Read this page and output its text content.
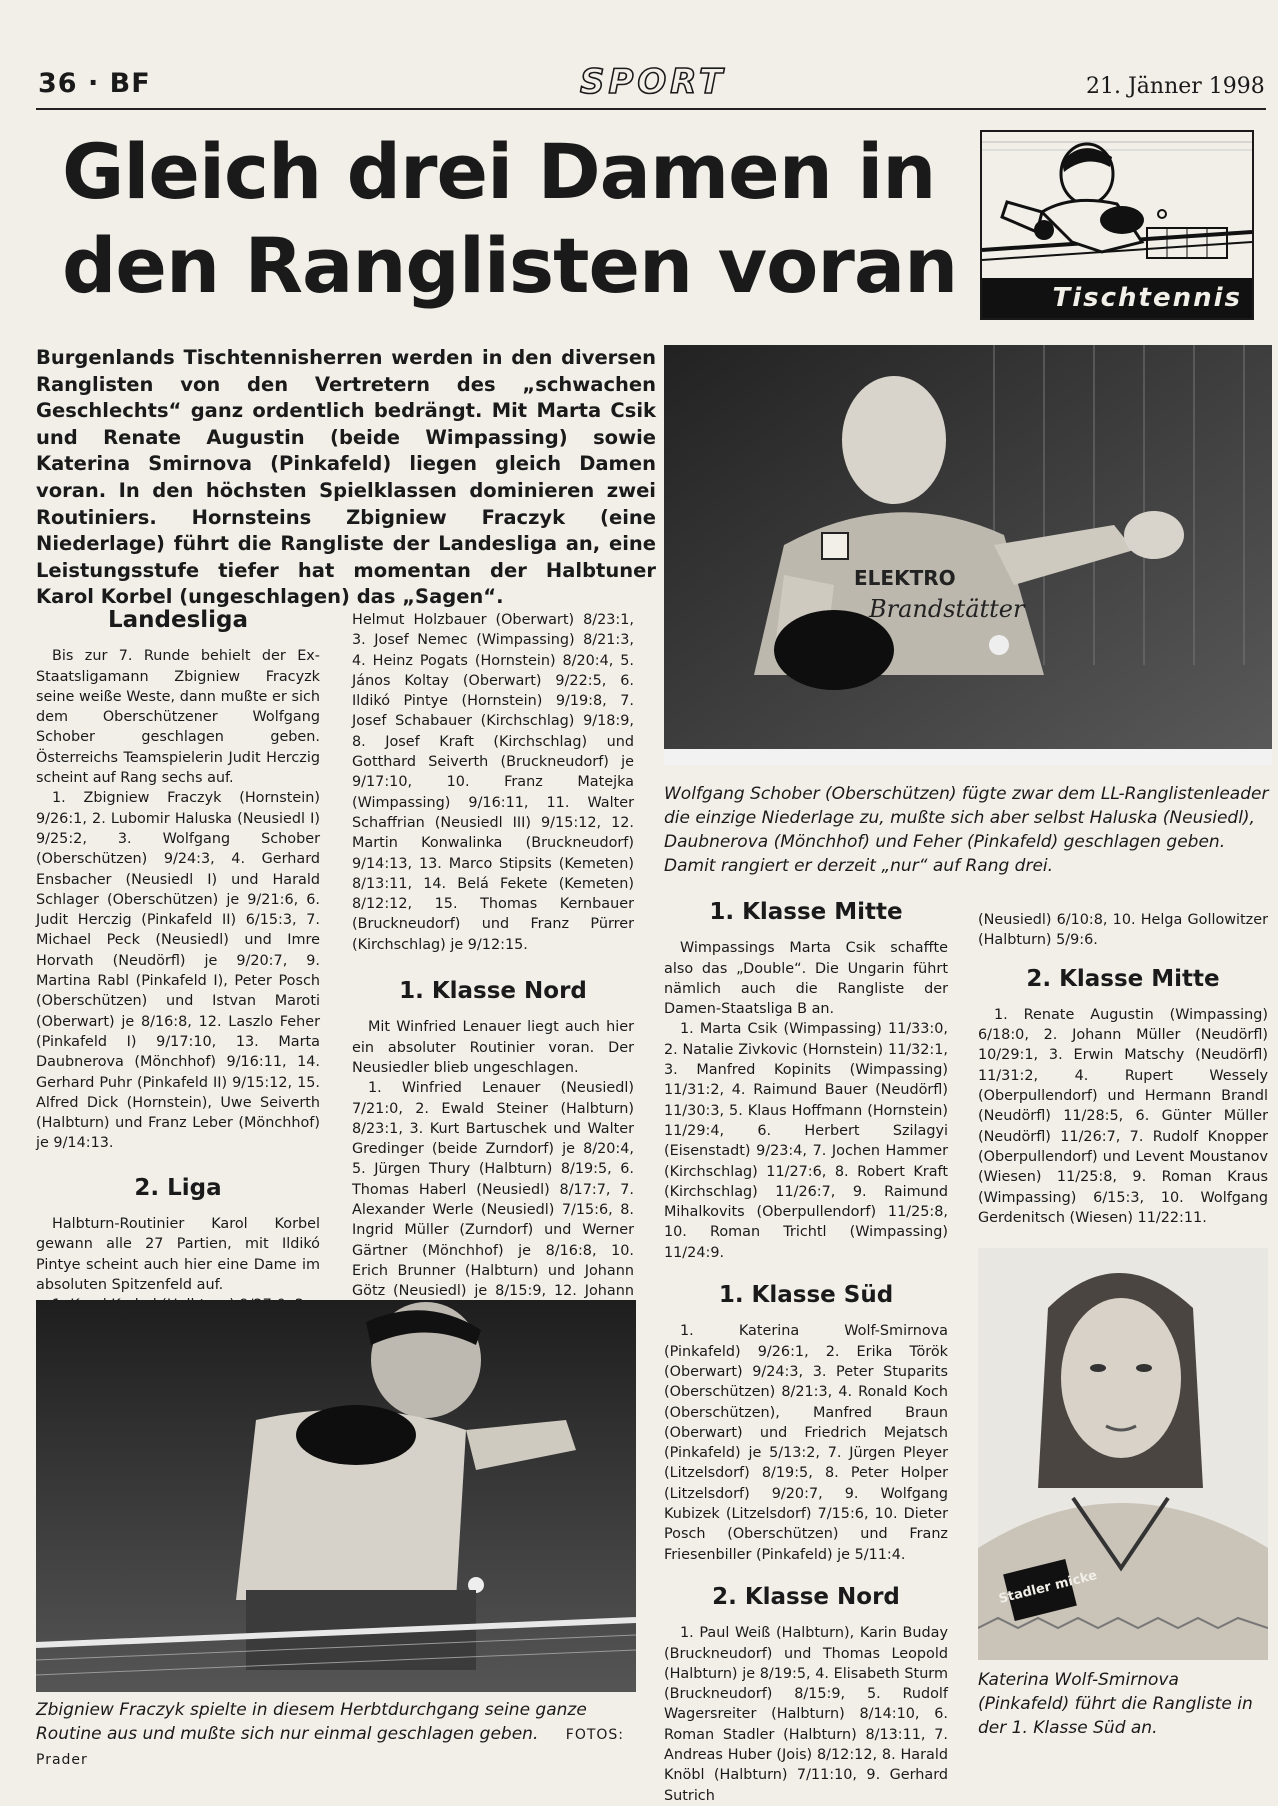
36 · BF	SPORT	21. Jänner 1998
Gleich drei Damen in den Ranglisten voran	Tischtennis
Burgenlands Tischtennisherren werden in den diversen Ranglisten von den Vertretern des „schwachen Geschlechts“ ganz ordentlich bedrängt. Mit Marta Csik und Renate Augustin (beide Wimpassing) sowie Katerina Smirnova (Pinkafeld) liegen gleich Damen voran. In den höchsten Spielklassen dominieren zwei Routiniers. Hornsteins Zbigniew Fraczyk (eine Niederlage) führt die Rangliste der Landesliga an, eine Leistungsstufe tiefer hat momentan der Halbtuner Karol Korbel (ungeschlagen) das „Sagen“.
Landesliga

Bis zur 7. Runde behielt der Ex-Staatsligamann Zbigniew Fracyzk seine weiße Weste, dann mußte er sich dem Oberschützener Wolfgang Schober geschlagen geben. Österreichs Teamspielerin Judit Herczig scheint auf Rang sechs auf.

1. Zbigniew Fraczyk (Hornstein) 9/26:1, 2. Lubomir Haluska (Neusiedl I) 9/25:2, 3. Wolfgang Schober (Oberschützen) 9/24:3, 4. Gerhard Ensbacher (Neusiedl I) und Harald Schlager (Oberschützen) je 9/21:6, 6. Judit Herczig (Pinkafeld II) 6/15:3, 7. Michael Peck (Neusiedl) und Imre Horvath (Neudörfl) je 9/20:7, 9. Martina Rabl (Pinkafeld I), Peter Posch (Oberschützen) und Istvan Maroti (Oberwart) je 8/16:8, 12. Laszlo Feher (Pinkafeld I) 9/17:10, 13. Marta Daubnerova (Mönchhof) 9/16:11, 14. Gerhard Puhr (Pinkafeld II) 9/15:12, 15. Alfred Dick (Hornstein), Uwe Seiverth (Halbturn) und Franz Leber (Mönchhof) je 9/14:13.

2. Liga

Halbturn-Routinier Karol Korbel gewann alle 27 Partien, mit Ildikó Pintye scheint auch hier eine Dame im absoluten Spitzenfeld auf.

Helmut Holzbauer (Oberwart) 8/23:1, 3. Josef Nemec (Wimpassing) 8/21:3, 4. Heinz Pogats (Hornstein) 8/20:4, 5. János Koltay (Oberwart) 9/22:5, 6. Ildikó Pintye (Hornstein) 9/19:8, 7. Josef Schabauer (Kirchschlag) 9/18:9, 8. Josef Kraft (Kirchschlag) und Gotthard Seiverth (Bruckneudorf) je 9/17:10, 10. Franz Matejka (Wimpassing) 9/16:11, 11. Walter Schaffrian (Neusiedl III) 9/15:12, 12. Martin Konwalinka (Bruckneudorf) 9/14:13, 13. Marco Stipsits (Kemeten) 8/13:11, 14. Belá Fekete (Kemeten) 8/12:12, 15. Thomas Kernbauer (Bruckneudorf) und Franz Pürrer (Kirchschlag) je 9/12:15.

1. Klasse Nord

Mit Winfried Lenauer liegt auch hier ein absoluter Routinier voran. Der Neusiedler blieb ungeschlagen.

1. Winfried Lenauer (Neusiedl) 7/21:0, 2. Ewald Steiner (Halbturn) 8/23:1, 3. Kurt Bartuschek und Walter Gredinger (beide Zurndorf) je 8/20:4, 5. Jürgen Thury (Halbturn) 8/19:5, 6. Thomas Haberl (Neusiedl) 8/17:7, 7. Alexander Werle (Neusiedl) 7/15:6, 8. Ingrid Müller (Zurndorf) und Werner Gärtner (Mönchhof) je 8/16:8, 10. Erich Brunner (Halbturn) und Johann Götz (Neusiedl) je 8/15:9, 12. Johann

ELEKTRO
Brandstätter
Wolfgang Schober (Oberschützen) fügte zwar dem LL-Ranglistenleader die einzige Niederlage zu, mußte sich aber selbst Haluska (Neusiedl), Daubnerova (Mönchhof) und Feher (Pinkafeld) geschlagen geben. Damit rangiert er derzeit „nur“ auf Rang drei.
1. Klasse Mitte

Wimpassings Marta Csik schaffte also das „Double“. Die Ungarin führt nämlich auch die Rangliste der Damen-Staatsliga B an.

1. Marta Csik (Wimpassing) 11/33:0, 2. Natalie Zivkovic (Hornstein) 11/32:1, 3. Manfred Kopinits (Wimpassing) 11/31:2, 4. Raimund Bauer (Neudörfl) 11/30:3, 5. Klaus Hoffmann (Hornstein) 11/29:4, 6. Herbert Szilagyi (Eisenstadt) 9/23:4, 7. Jochen Hammer (Kirchschlag) 11/27:6, 8. Robert Kraft (Kirchschlag) 11/26:7, 9. Raimund Mihalkovits (Oberpullendorf) 11/25:8, 10. Roman Trichtl (Wimpassing) 11/24:9.

1. Klasse Süd

1. Katerina Wolf-Smirnova (Pinkafeld) 9/26:1, 2. Erika Török (Oberwart) 9/24:3, 3. Peter Stuparits (Oberschützen) 8/21:3, 4. Ronald Koch (Oberschützen), Manfred Braun (Oberwart) und Friedrich Mejatsch (Pinkafeld) je 5/13:2, 7. Jürgen Pleyer (Litzelsdorf) 8/19:5, 8. Peter Holper (Litzelsdorf) 9/20:7, 9. Wolfgang Kubizek (Litzelsdorf) 7/15:6, 10. Dieter Posch (Oberschützen) und Franz Friesenbiller (Pinkafeld) je 5/11:4.

2. Klasse Nord

1. Paul Weiß (Halbturn), Karin Buday (Bruckneudorf) und Thomas Leopold (Halbturn) je 8/19:5, 4. Elisabeth Sturm (Bruckneudorf) 8/15:9, 5. Rudolf Wagersreiter (Halbturn) 8/14:10, 6. Roman Stadler (Halbturn) 8/13:11, 7. Andreas Huber (Jois) 8/12:12, 8. Harald Knöbl (Halbturn) 7/11:10, 9. Gerhard Sutrich

(Neusiedl) 6/10:8, 10. Helga Gollowitzer (Halbturn) 5/9:6.

2. Klasse Mitte

1. Renate Augustin (Wimpassing) 6/18:0, 2. Johann Müller (Neudörfl) 10/29:1, 3. Erwin Matschy (Neudörfl) 11/31:2, 4. Rupert Wessely (Oberpullendorf) und Hermann Brandl (Neudörfl) 11/28:5, 6. Günter Müller (Neudörfl) 11/26:7, 7. Rudolf Knopper (Oberpullendorf) und Levent Moustanov (Wiesen) 11/25:8, 9. Roman Kraus (Wimpassing) 6/15:3, 10. Wolfgang Gerdenitsch (Wiesen) 11/22:11.

Zbigniew Fraczyk spielte in diesem Herbtdurchgang seine ganze Routine aus und mußte sich nur einmal geschlagen geben. FOTOS: Prader
Stadler micke
Katerina Wolf-Smirnova (Pinkafeld) führt die Rangliste in der 1. Klasse Süd an.
